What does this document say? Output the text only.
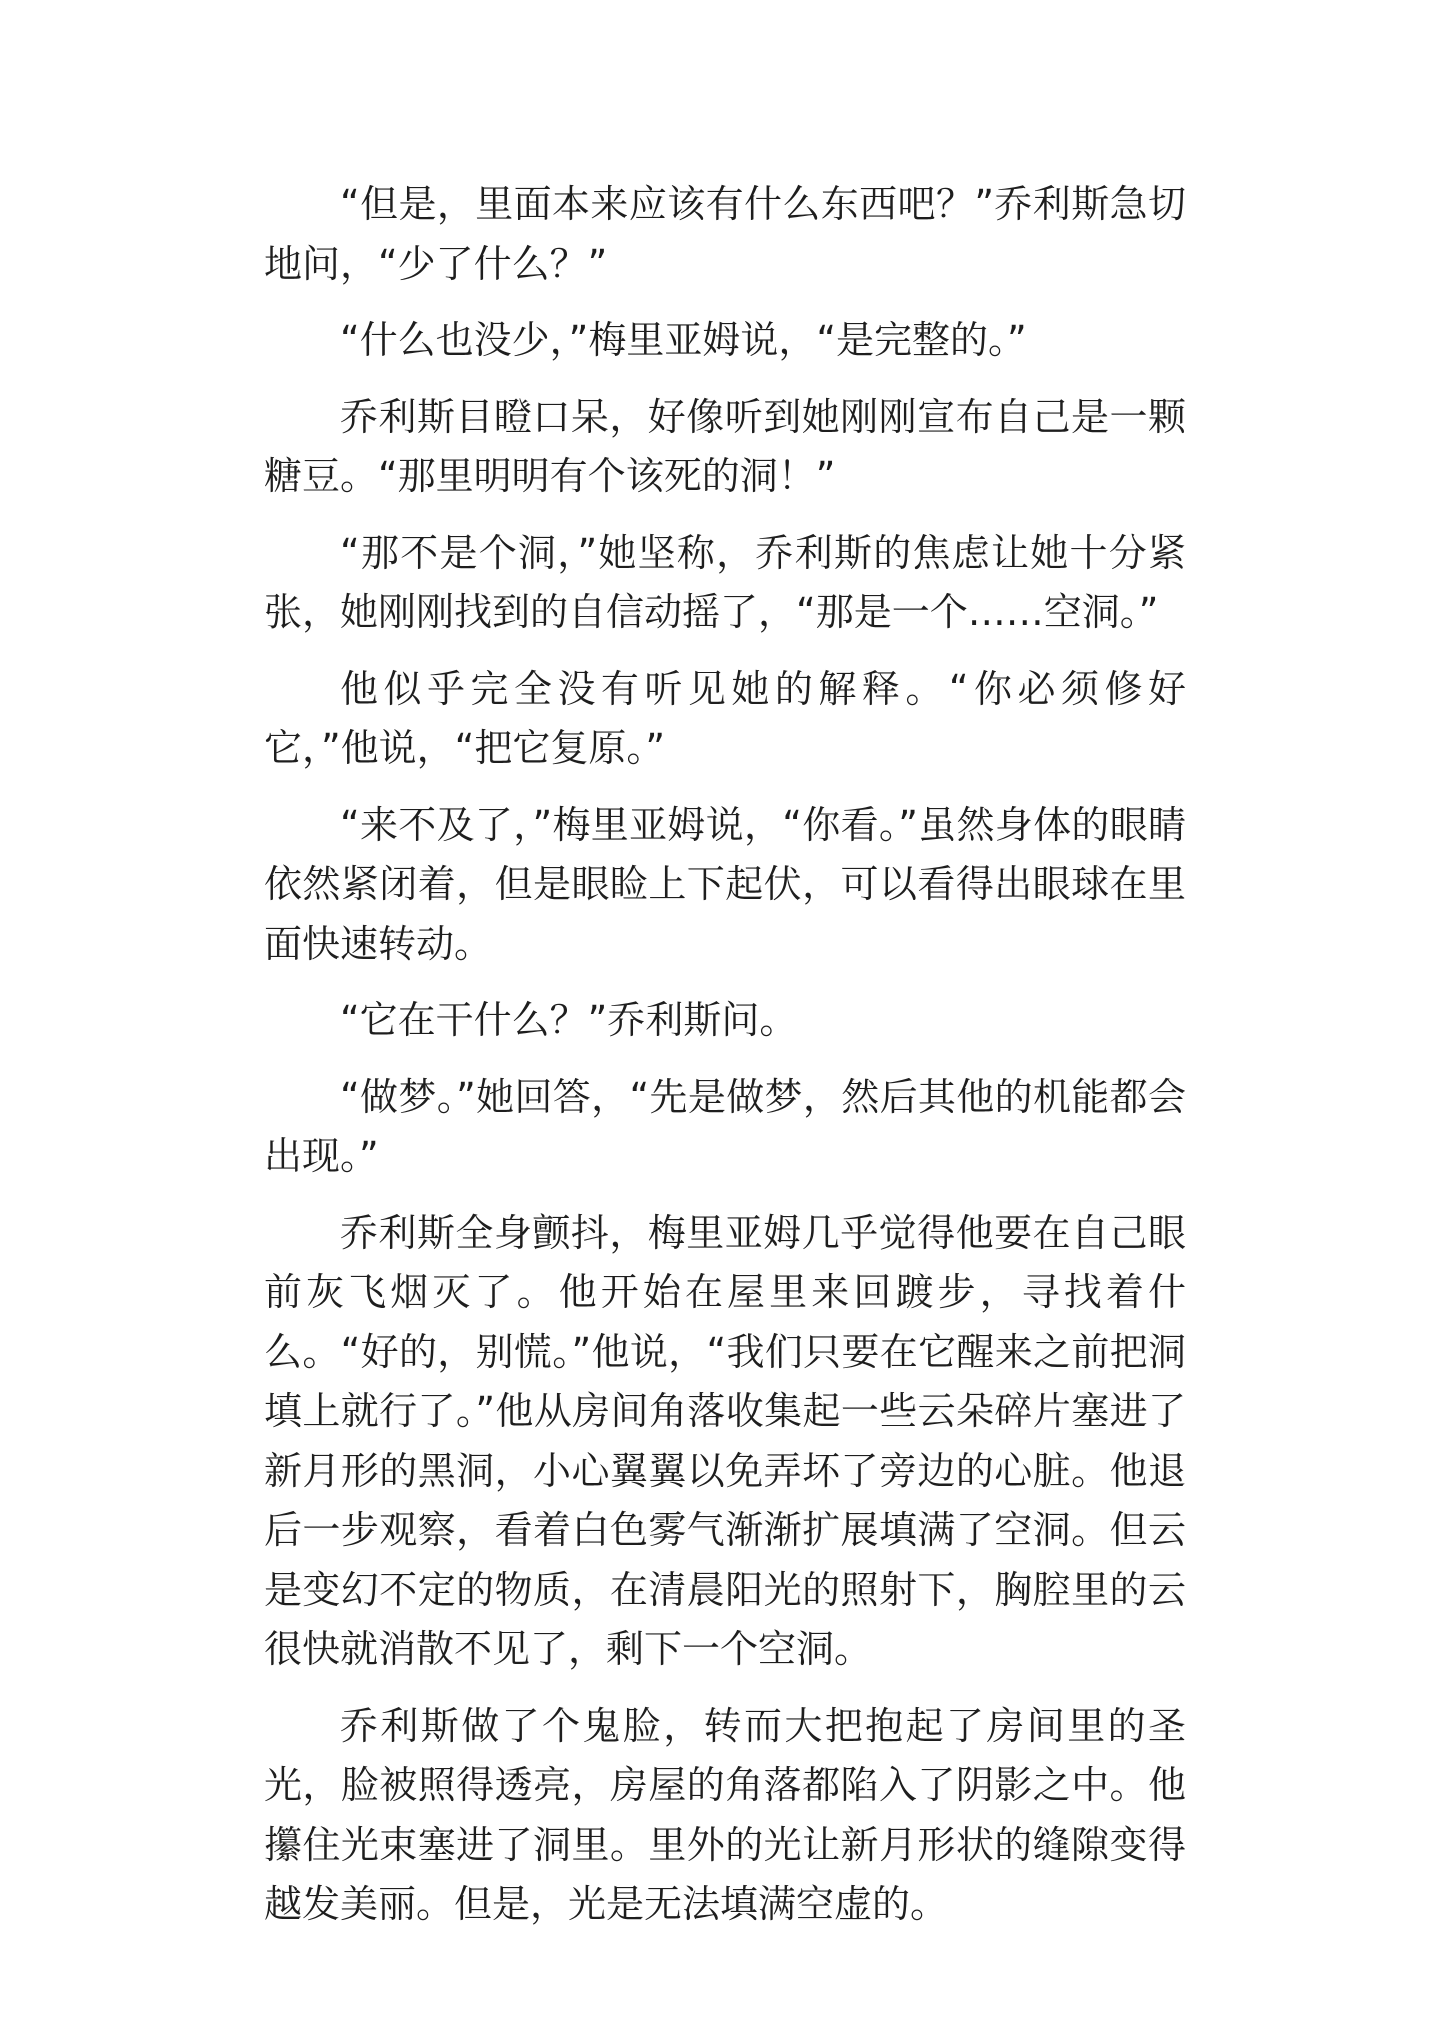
“但是，里面本来应该有什么东西吧？”乔利斯急切地问，“少了什么？”

“什么也没少，”梅里亚姆说，“是完整的。”

乔利斯目瞪口呆，好像听到她刚刚宣布自己是一颗糖豆。“那里明明有个该死的洞！”

“那不是个洞，”她坚称，乔利斯的焦虑让她十分紧张，她刚刚找到的自信动摇了，“那是一个……空洞。”

他似乎完全没有听见她的解释。“你必须修好它，”他说，“把它复原。”

“来不及了，”梅里亚姆说，“你看。”虽然身体的眼睛依然紧闭着，但是眼睑上下起伏，可以看得出眼球在里面快速转动。

“它在干什么？”乔利斯问。

“做梦。”她回答，“先是做梦，然后其他的机能都会出现。”

乔利斯全身颤抖，梅里亚姆几乎觉得他要在自己眼前灰飞烟灭了。他开始在屋里来回踱步，寻找着什么。“好的，别慌。”他说，“我们只要在它醒来之前把洞填上就行了。”他从房间角落收集起一些云朵碎片塞进了新月形的黑洞，小心翼翼以免弄坏了旁边的心脏。他退后一步观察，看着白色雾气渐渐扩展填满了空洞。但云是变幻不定的物质，在清晨阳光的照射下，胸腔里的云很快就消散不见了，剩下一个空洞。

乔利斯做了个鬼脸，转而大把抱起了房间里的圣光，脸被照得透亮，房屋的角落都陷入了阴影之中。他攥住光束塞进了洞里。里外的光让新月形状的缝隙变得越发美丽。但是，光是无法填满空虚的。
